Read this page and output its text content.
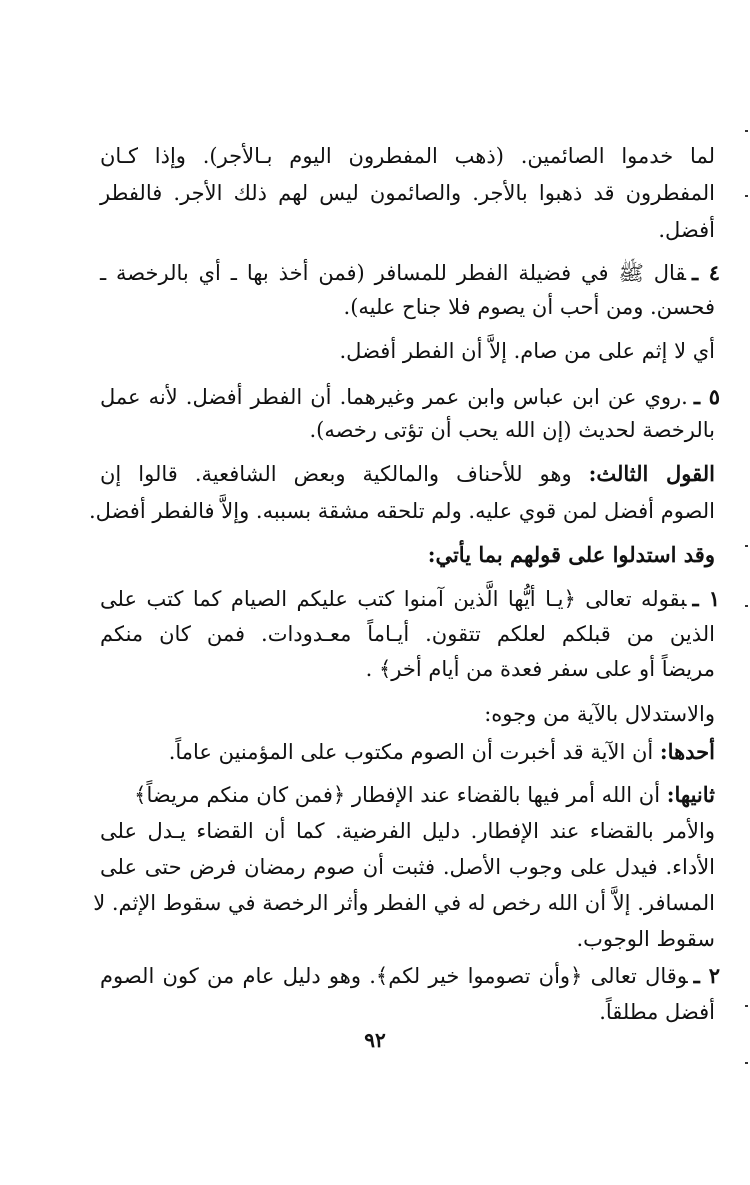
لما خدموا الصائمين. (ذهب المفطرون اليوم بـالأجر). وإذا كـان
المفطرون قد ذهبوا بالأجر. والصائمون ليس لهم ذلك الأجر. فالفطر
أفضل.
٤ ـقال ﷺ في فضيلة الفطر للمسافر (فمن أخذ بها ـ أي بالرخصة ـ
فحسن. ومن أحب أن يصوم فلا جناح عليه).
أي لا إثم على من صام. إلاَّ أن الفطر أفضل.
٥ ـ.روي عن ابن عباس وابن عمر وغيرهما. أن الفطر أفضل. لأنه عمل
بالرخصة لحديث (إن الله يحب أن تؤتى رخصه).
القول الثالث: وهو للأحناف والمالكية وبعض الشافعية. قالوا إن
الصوم أفضل لمن قوي عليه. ولم تلحقه مشقة بسببه. وإلاَّ فالفطر أفضل.
وقد استدلوا على قولهم بما يأتي:
١ ـبقوله تعالى ﴿يـا أيُّها الَّذين آمنوا كتب عليكم الصيام كما كتب على
الذين من قبلكم لعلكم تتقون. أيـاماً معـدودات. فمن كان منكم
مريضاً أو على سفر فعدة من أيام أخر﴾ .
والاستدلال بالآية من وجوه:
أحدها: أن الآية قد أخبرت أن الصوم مكتوب على المؤمنين عاماً.
ثانيها: أن الله أمر فيها بالقضاء عند الإفطار ﴿فمن كان منكم مريضاً﴾
والأمر بالقضاء عند الإفطار. دليل الفرضية. كما أن القضاء يـدل على
الأداء. فيدل على وجوب الأصل. فثبت أن صوم رمضان فرض حتى على
المسافر. إلاَّ أن الله رخص له في الفطر وأثر الرخصة في سقوط الإثم. لا
سقوط الوجوب.
٢ ـوقال تعالى ﴿وأن تصوموا خير لكم﴾. وهو دليل عام من كون الصوم
أفضل مطلقاً.
٩٢
